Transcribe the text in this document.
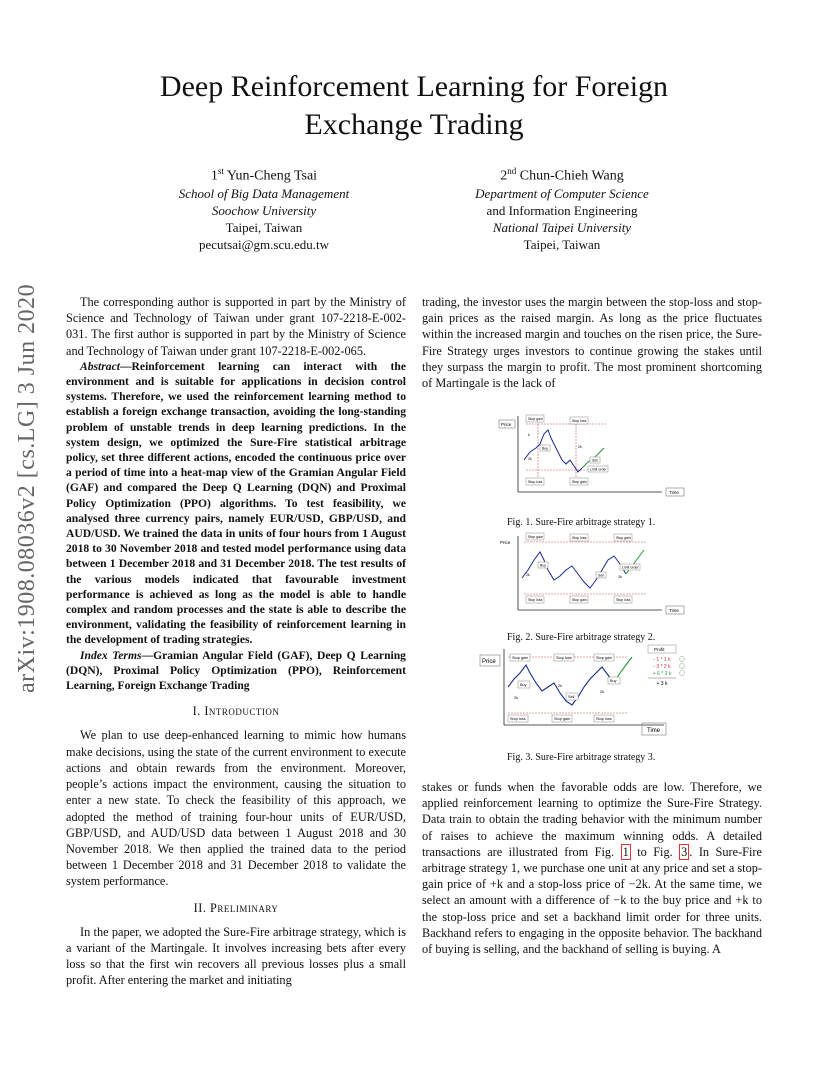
Deep Reinforcement Learning for Foreign
Exchange Trading
1st Yun-Cheng Tsai
School of Big Data Management
Soochow University
Taipei, Taiwan
pecutsai@gm.scu.edu.tw
2nd Chun-Chieh Wang
Department of Computer Science
and Information Engineering
National Taipei University
Taipei, Taiwan
arXiv:1908.08036v2 [cs.LG] 3 Jun 2020	The corresponding author is supported in part by the Ministry of Science and Technology of Taiwan under grant 107-2218-E-002-031. The first author is supported in part by the Ministry of Science and Technology of Taiwan under grant 107-2218-E-002-065.

Abstract—Reinforcement learning can interact with the environment and is suitable for applications in decision control systems. Therefore, we used the reinforcement learning method to establish a foreign exchange transaction, avoiding the long-standing problem of unstable trends in deep learning predictions. In the system design, we optimized the Sure-Fire statistical arbitrage policy, set three different actions, encoded the continuous price over a period of time into a heat-map view of the Gramian Angular Field (GAF) and compared the Deep Q Learning (DQN) and Proximal Policy Optimization (PPO) algorithms. To test feasibility, we analysed three currency pairs, namely EUR/USD, GBP/USD, and AUD/USD. We trained the data in units of four hours from 1 August 2018 to 30 November 2018 and tested model performance using data between 1 December 2018 and 31 December 2018. The test results of the various models indicated that favourable investment performance is achieved as long as the model is able to handle complex and random processes and the state is able to describe the environment, validating the feasibility of reinforcement learning in the development of trading strategies.

Index Terms—Gramian Angular Field (GAF), Deep Q Learning (DQN), Proximal Policy Optimization (PPO), Reinforcement Learning, Foreign Exchange Trading

I. Introduction

We plan to use deep-enhanced learning to mimic how humans make decisions, using the state of the current environment to execute actions and obtain rewards from the environment. Moreover, people’s actions impact the environment, causing the situation to enter a new state. To check the feasibility of this approach, we adopted the method of training four-hour units of EUR/USD, GBP/USD, and AUD/USD data between 1 August 2018 and 30 November 2018. We then applied the trained data to the period between 1 December 2018 and 31 December 2018 to validate the system performance.

II. Preliminary

In the paper, we adopted the Sure-Fire arbitrage strategy, which is a variant of the Martingale. It involves increasing bets after every loss so that the first win recovers all previous losses plus a small profit. After entering the market and initiating

trading, the investor uses the margin between the stop-loss and stop-gain prices as the raised margin. As long as the price fluctuates within the increased margin and touches on the risen price, the Sure-Fire Strategy urges investors to continue growing the stakes until they surpass the margin to profit. The most prominent shortcoming of Martingale is the lack of

Price
Time
Stop gain	Stop loss
Buy
Sell
Limit order
k
2k
2k
Stop loss	Stop gain
Fig. 1. Sure-Fire arbitrage strategy 1.
Price
Time
Stop gain	Stop loss	Stop gain
Buy
Sell
Limit order
2k	2k
Stop loss	Stop gain	Stop loss
Fig. 2. Sure-Fire arbitrage strategy 2.
Price
Time
Stop gain	Stop loss	Stop gain
Buy
Sell
Buy
2k
2k
2k
Stop loss	Stop gain	Stop loss
Profit
- 1 * 1 k
- 3 * 2 k
+ 6 * 3 k
+ 3 k
Fig. 3. Sure-Fire arbitrage strategy 3.

stakes or funds when the favorable odds are low. Therefore, we applied reinforcement learning to optimize the Sure-Fire Strategy. Data train to obtain the trading behavior with the minimum number of raises to achieve the maximum winning odds. A detailed transactions are illustrated from Fig. 1 to Fig. 3 . In Sure-Fire arbitrage strategy 1, we purchase one unit at any price and set a stop-gain price of +k and a stop-loss price of −2k. At the same time, we select an amount with a difference of −k to the buy price and +k to the stop-loss price and set a backhand limit order for three units. Backhand refers to engaging in the opposite behavior. The backhand of buying is selling, and the backhand of selling is buying. A
